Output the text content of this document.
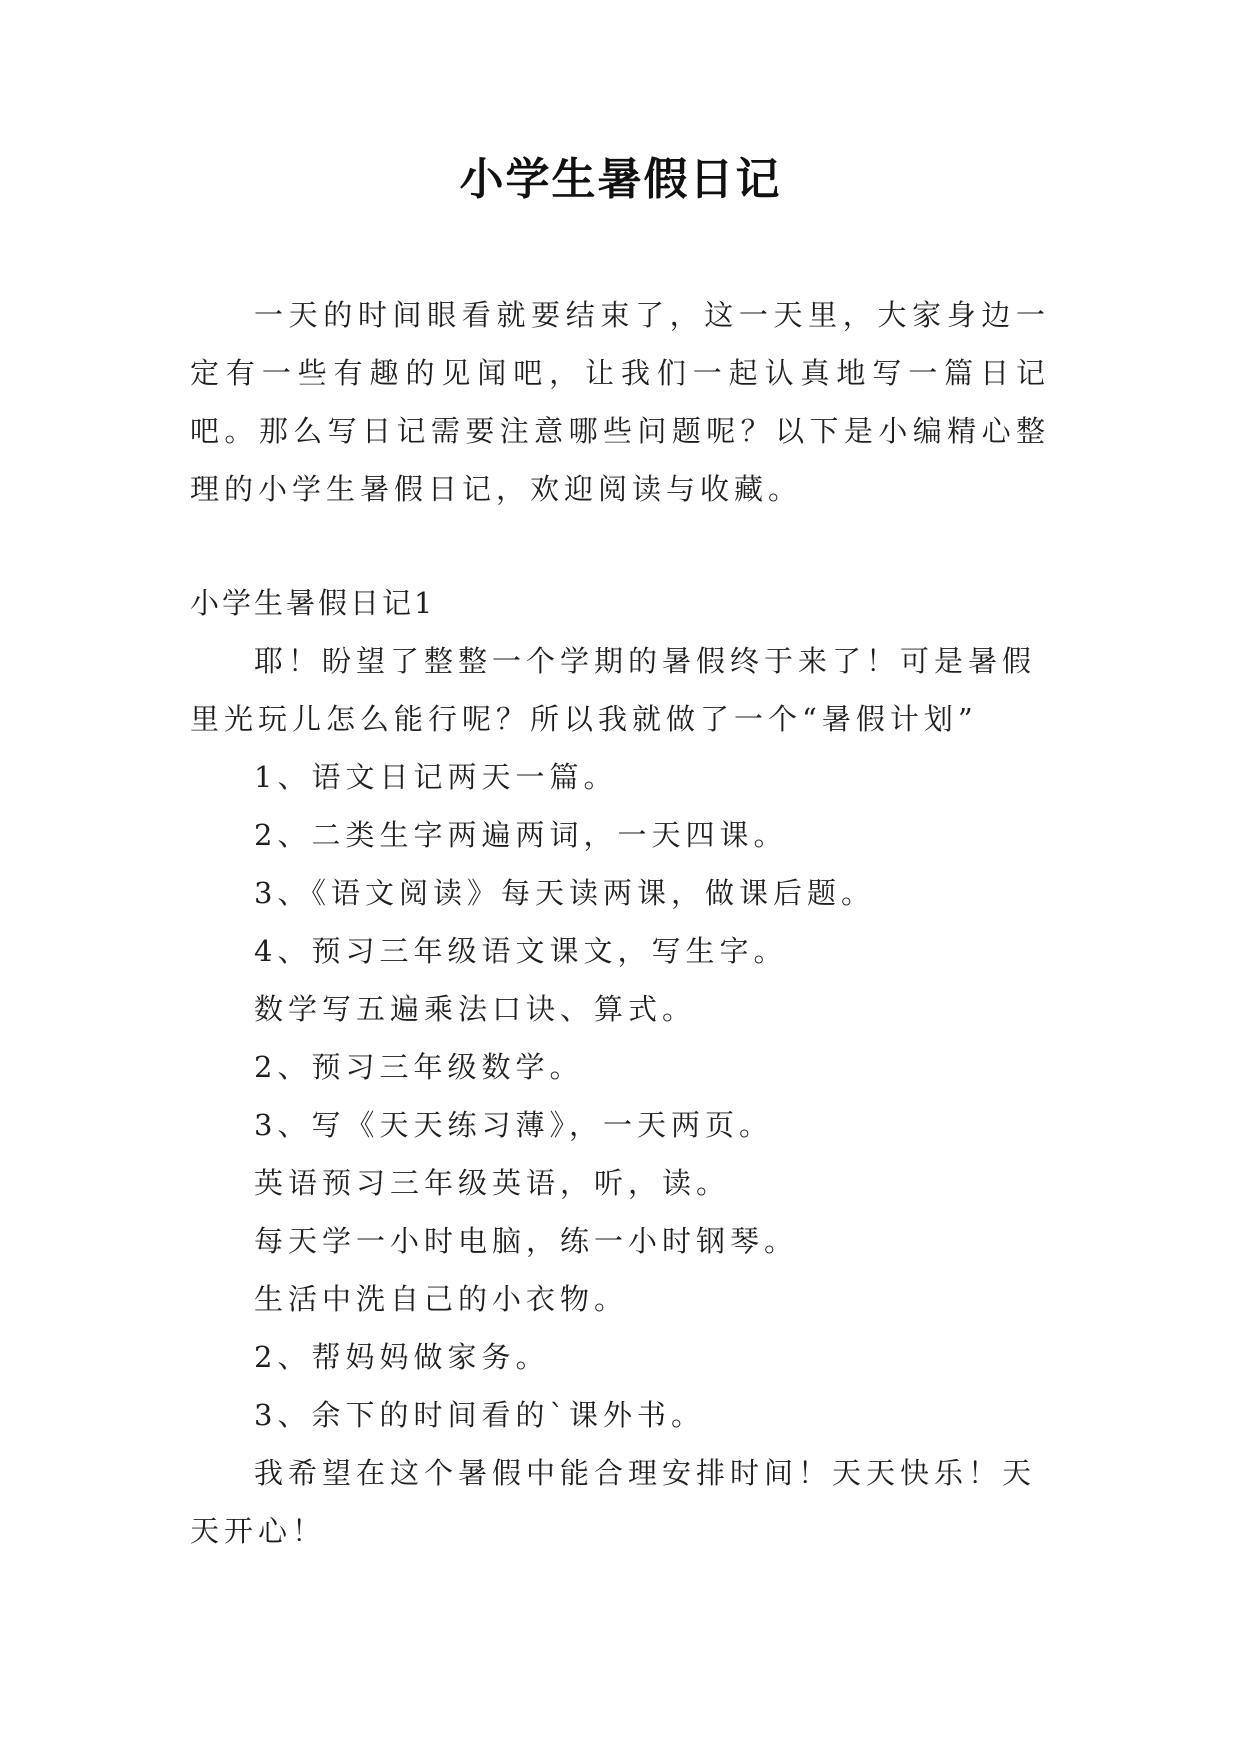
小学生暑假日记
一天的时间眼看就要结束了，这一天里，大家身边一定有一些有趣的见闻吧，让我们一起认真地写一篇日记吧。那么写日记需要注意哪些问题呢？以下是小编精心整理的小学生暑假日记，欢迎阅读与收藏。
小学生暑假日记1

耶！盼望了整整一个学期的暑假终于来了！可是暑假里光玩儿怎么能行呢？所以我就做了一个“暑假计划”

1、语文日记两天一篇。

2、二类生字两遍两词，一天四课。

3、《语文阅读》每天读两课，做课后题。

4、预习三年级语文课文，写生字。

数学写五遍乘法口诀、算式。

2、预习三年级数学。

3、写《天天练习薄》，一天两页。

英语预习三年级英语，听，读。

每天学一小时电脑，练一小时钢琴。

生活中洗自己的小衣物。

2、帮妈妈做家务。

3、余下的时间看的`课外书。

我希望在这个暑假中能合理安排时间！天天快乐！天天开心！
